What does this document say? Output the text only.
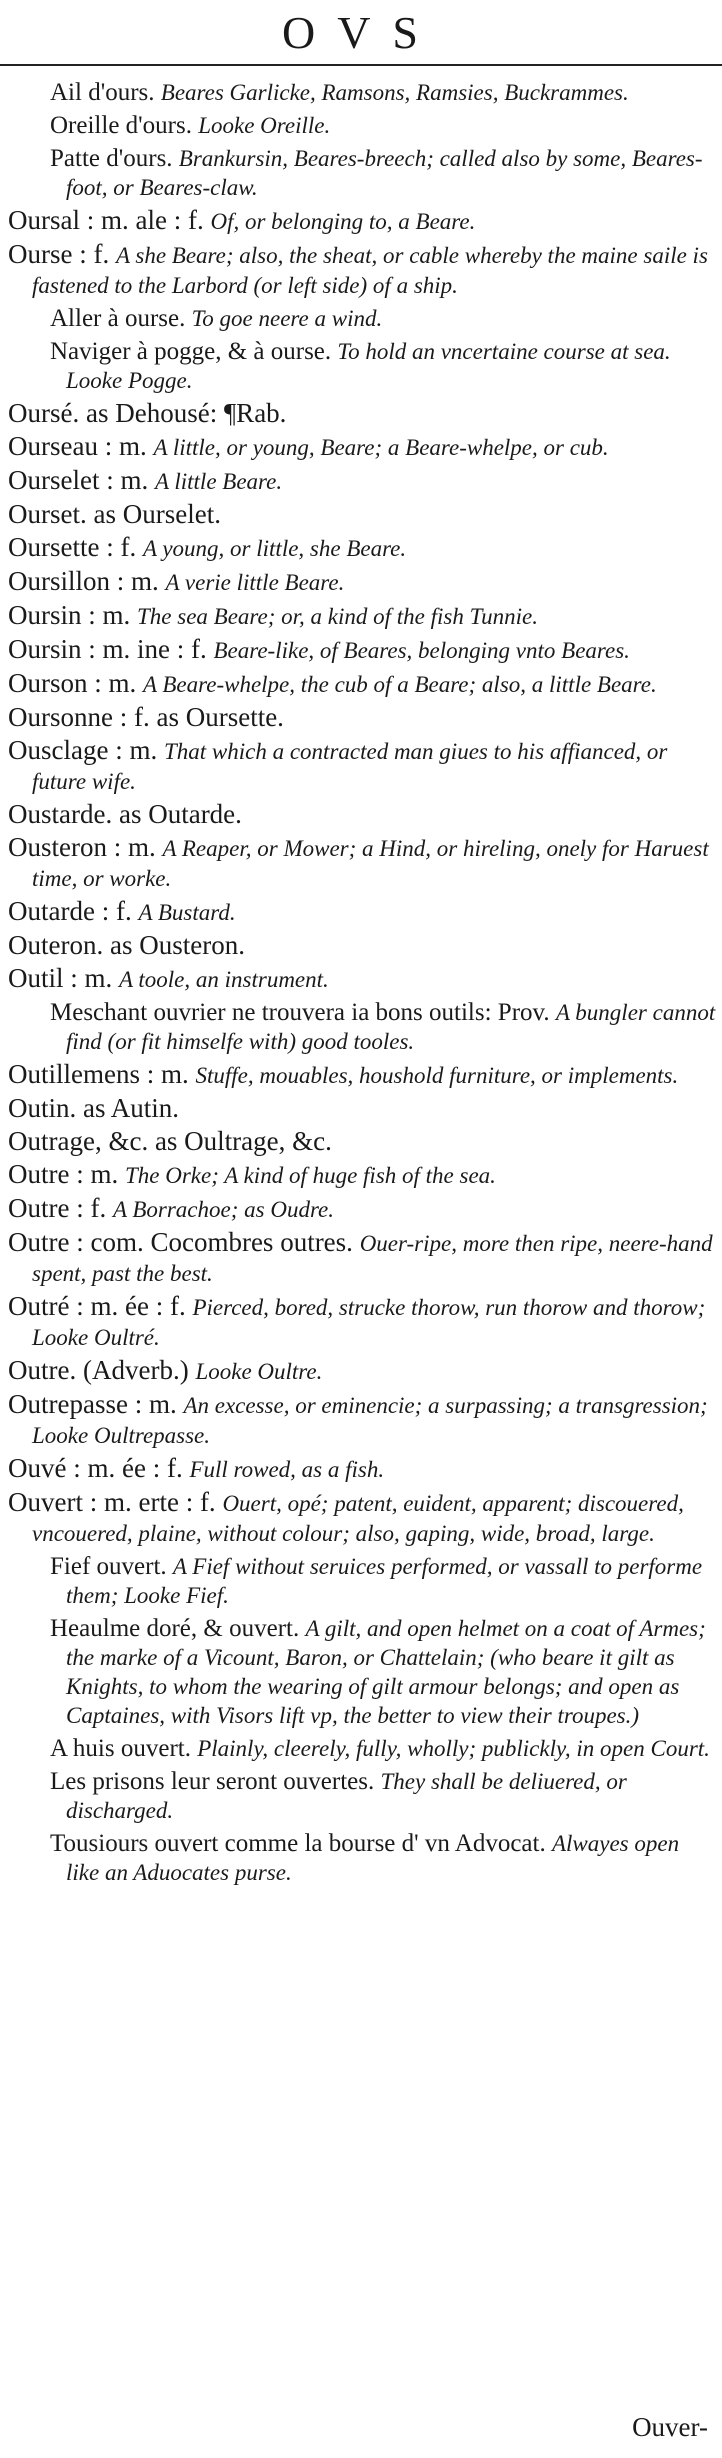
OVS
Ail d'ours. Beares Garlicke, Ramsons, Ramsies, Buckrammes.
Oreille d'ours. Looke Oreille.
Patte d'ours. Brankursin, Beares-breech; called also by some, Beares-foot, or Beares-claw.
Oursal : m. ale : f. Of, or belonging to, a Beare.
Ourse : f. A she Beare; also, the sheat, or cable whereby the maine saile is fastened to the Larbord (or left side) of a ship.
Aller à ourse. To goe neere a wind.
Naviger à pogge, & à ourse. To hold an vncertaine course at sea. Looke Pogge.
Oursé. as Dehousé: ¶Rab.
Ourseau : m. A little, or young, Beare; a Beare-whelpe, or cub.
Ourselet : m. A little Beare.
Ourset. as Ourselet.
Oursette : f. A young, or little, she Beare.
Oursillon : m. A verie little Beare.
Oursin : m. The sea Beare; or, a kind of the fish Tunnie.
Oursin : m. ine : f. Beare-like, of Beares, belonging vnto Beares.
Ourson : m. A Beare-whelpe, the cub of a Beare; also, a little Beare.
Oursonne : f. as Oursette.
Ousclage : m. That which a contracted man giues to his affianced, or future wife.
Oustarde. as Outarde.
Ousteron : m. A Reaper, or Mower; a Hind, or hireling, onely for Haruest time, or worke.
Outarde : f. A Bustard.
Outeron. as Ousteron.
Outil : m. A toole, an instrument.
Meschant ouvrier ne trouvera ia bons outils: Prov. A bungler cannot find (or fit himselfe with) good tooles.
Outillemens : m. Stuffe, mouables, houshold furniture, or implements.
Outin. as Autin.
Outrage, &c. as Oultrage, &c.
Outre : m. The Orke; A kind of huge fish of the sea.
Outre : f. A Borrachoe; as Oudre.
Outre : com. Cocombres outres. Ouer-ripe, more then ripe, neere-hand spent, past the best.
Outré : m. ée : f. Pierced, bored, strucke thorow, run thorow and thorow; Looke Oultré.
Outre. (Adverb.) Looke Oultre.
Outrepasse : m. An excesse, or eminencie; a surpassing; a transgression; Looke Oultrepasse.
Ouvé : m. ée : f. Full rowed, as a fish.
Ouvert : m. erte : f. Ouert, opé; patent, euident, apparent; discouered, vncouered, plaine, without colour; also, gaping, wide, broad, large.
Fief ouvert. A Fief without seruices performed, or vassall to performe them; Looke Fief.
Heaulme doré, & ouvert. A gilt, and open helmet on a coat of Armes; the marke of a Vicount, Baron, or Chattelain; (who beare it gilt as Knights, to whom the wearing of gilt armour belongs; and open as Captaines, with Visors lift vp, the better to view their troupes.)
A huis ouvert. Plainly, cleerely, fully, wholly; publickly, in open Court.
Les prisons leur seront ouvertes. They shall be deliuered, or discharged.
Tousiours ouvert comme la bourse d' vn Advocat. Alwayes open like an Aduocates purse.
Ouver-
